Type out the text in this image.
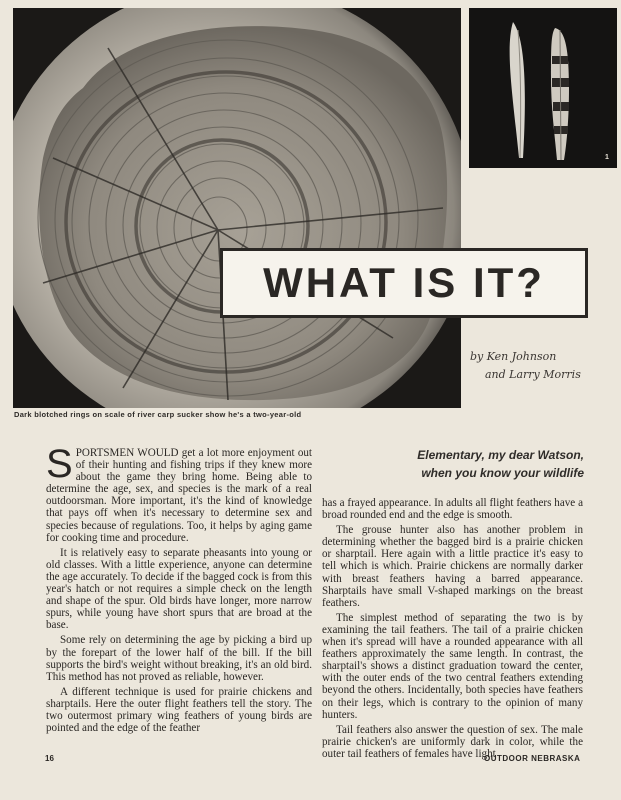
1
WHAT IS IT?
by Ken Johnson
and Larry Morris
Dark blotched rings on scale of river carp sucker show he's a two-year-old
Elementary, my dear Watson,
when you know your wildlife

SPORTSMEN WOULD get a lot more enjoyment out of their hunting and fishing trips if they knew more about the game they bring home. Being able to determine the age, sex, and species is the mark of a real outdoorsman. More important, it's the kind of knowledge that pays off when it's necessary to determine sex and species because of regulations. Too, it helps by aging game for cooking time and procedure.

It is relatively easy to separate pheasants into young or old classes. With a little experience, anyone can determine the age accurately. To decide if the bagged cock is from this year's hatch or not requires a simple check on the length and shape of the spur. Old birds have longer, more narrow spurs, while young have short spurs that are broad at the base.

Some rely on determining the age by picking a bird up by the forepart of the lower half of the bill. If the bill supports the bird's weight without breaking, it's an old bird. This method has not proved as reliable, however.

A different technique is used for prairie chickens and sharptails. Here the outer flight feathers tell the story. The two outermost primary wing feathers of young birds are pointed and the edge of the feather

has a frayed appearance. In adults all flight feathers have a broad rounded end and the edge is smooth.

The grouse hunter also has another problem in determining whether the bagged bird is a prairie chicken or sharptail. Here again with a little practice it's easy to tell which is which. Prairie chickens are normally darker with breast feathers having a barred appearance. Sharptails have small V-shaped markings on the breast feathers.

The simplest method of separating the two is by examining the tail feathers. The tail of a prairie chicken when it's spread will have a rounded appearance with all feathers approximately the same length. In contrast, the sharptail's shows a distinct graduation toward the center, with the outer ends of the two central feathers extending beyond the others. Incidentally, both species have feathers on their legs, which is contrary to the opinion of many hunters.

Tail feathers also answer the question of sex. The male prairie chicken's are uniformly dark in color, while the outer tail feathers of females have light

16	OUTDOOR NEBRASKA
